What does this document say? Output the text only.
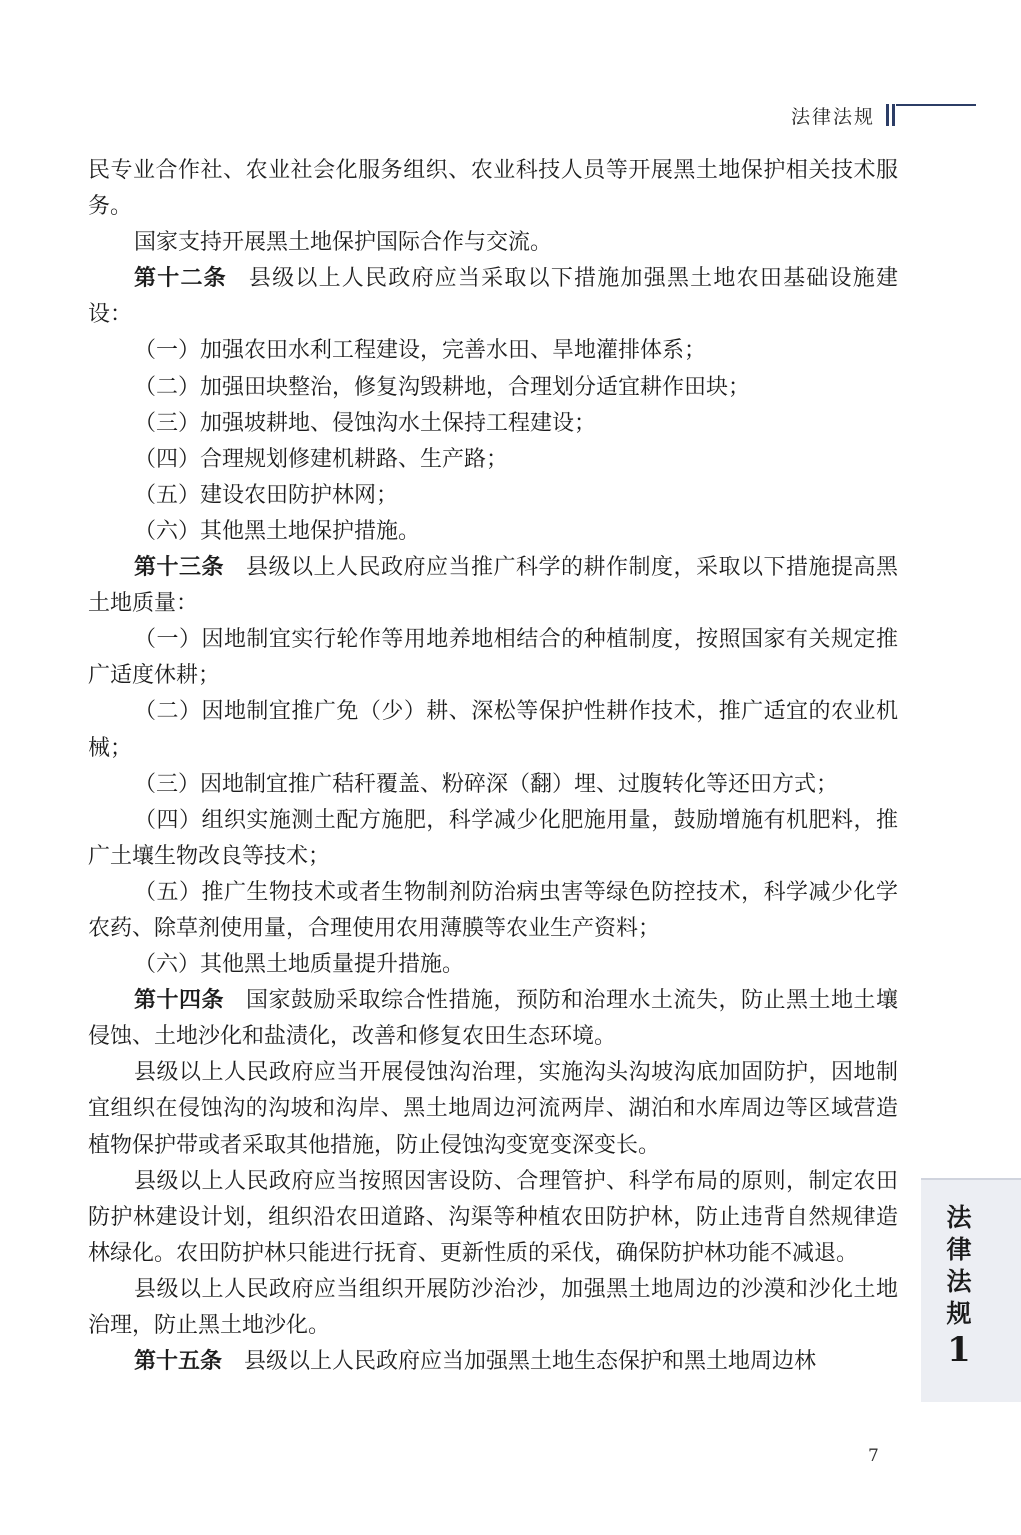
法律法规

民专业合作社、农业社会化服务组织、农业科技人员等开展黑土地保护相关技术服务。

国家支持开展黑土地保护国际合作与交流。

第十二条 县级以上人民政府应当采取以下措施加强黑土地农田基础设施建设：

（一）加强农田水利工程建设，完善水田、旱地灌排体系；

（二）加强田块整治，修复沟毁耕地，合理划分适宜耕作田块；

（三）加强坡耕地、侵蚀沟水土保持工程建设；

（四）合理规划修建机耕路、生产路；

（五）建设农田防护林网；

（六）其他黑土地保护措施。

第十三条 县级以上人民政府应当推广科学的耕作制度，采取以下措施提高黑土地质量：

（一）因地制宜实行轮作等用地养地相结合的种植制度，按照国家有关规定推广适度休耕；

（二）因地制宜推广免（少）耕、深松等保护性耕作技术，推广适宜的农业机械；

（三）因地制宜推广秸秆覆盖、粉碎深（翻）埋、过腹转化等还田方式；

（四）组织实施测土配方施肥，科学减少化肥施用量，鼓励增施有机肥料，推广土壤生物改良等技术；

（五）推广生物技术或者生物制剂防治病虫害等绿色防控技术，科学减少化学农药、除草剂使用量，合理使用农用薄膜等农业生产资料；

（六）其他黑土地质量提升措施。

第十四条 国家鼓励采取综合性措施，预防和治理水土流失，防止黑土地土壤侵蚀、土地沙化和盐渍化，改善和修复农田生态环境。

县级以上人民政府应当开展侵蚀沟治理，实施沟头沟坡沟底加固防护，因地制宜组织在侵蚀沟的沟坡和沟岸、黑土地周边河流两岸、湖泊和水库周边等区域营造植物保护带或者采取其他措施，防止侵蚀沟变宽变深变长。

县级以上人民政府应当按照因害设防、合理管护、科学布局的原则，制定农田防护林建设计划，组织沿农田道路、沟渠等种植农田防护林，防止违背自然规律造林绿化。农田防护林只能进行抚育、更新性质的采伐，确保防护林功能不减退。

县级以上人民政府应当组织开展防沙治沙，加强黑土地周边的沙漠和沙化土地治理，防止黑土地沙化。

第十五条 县级以上人民政府应当加强黑土地生态保护和黑土地周边林

法
律
法
规
1
7
